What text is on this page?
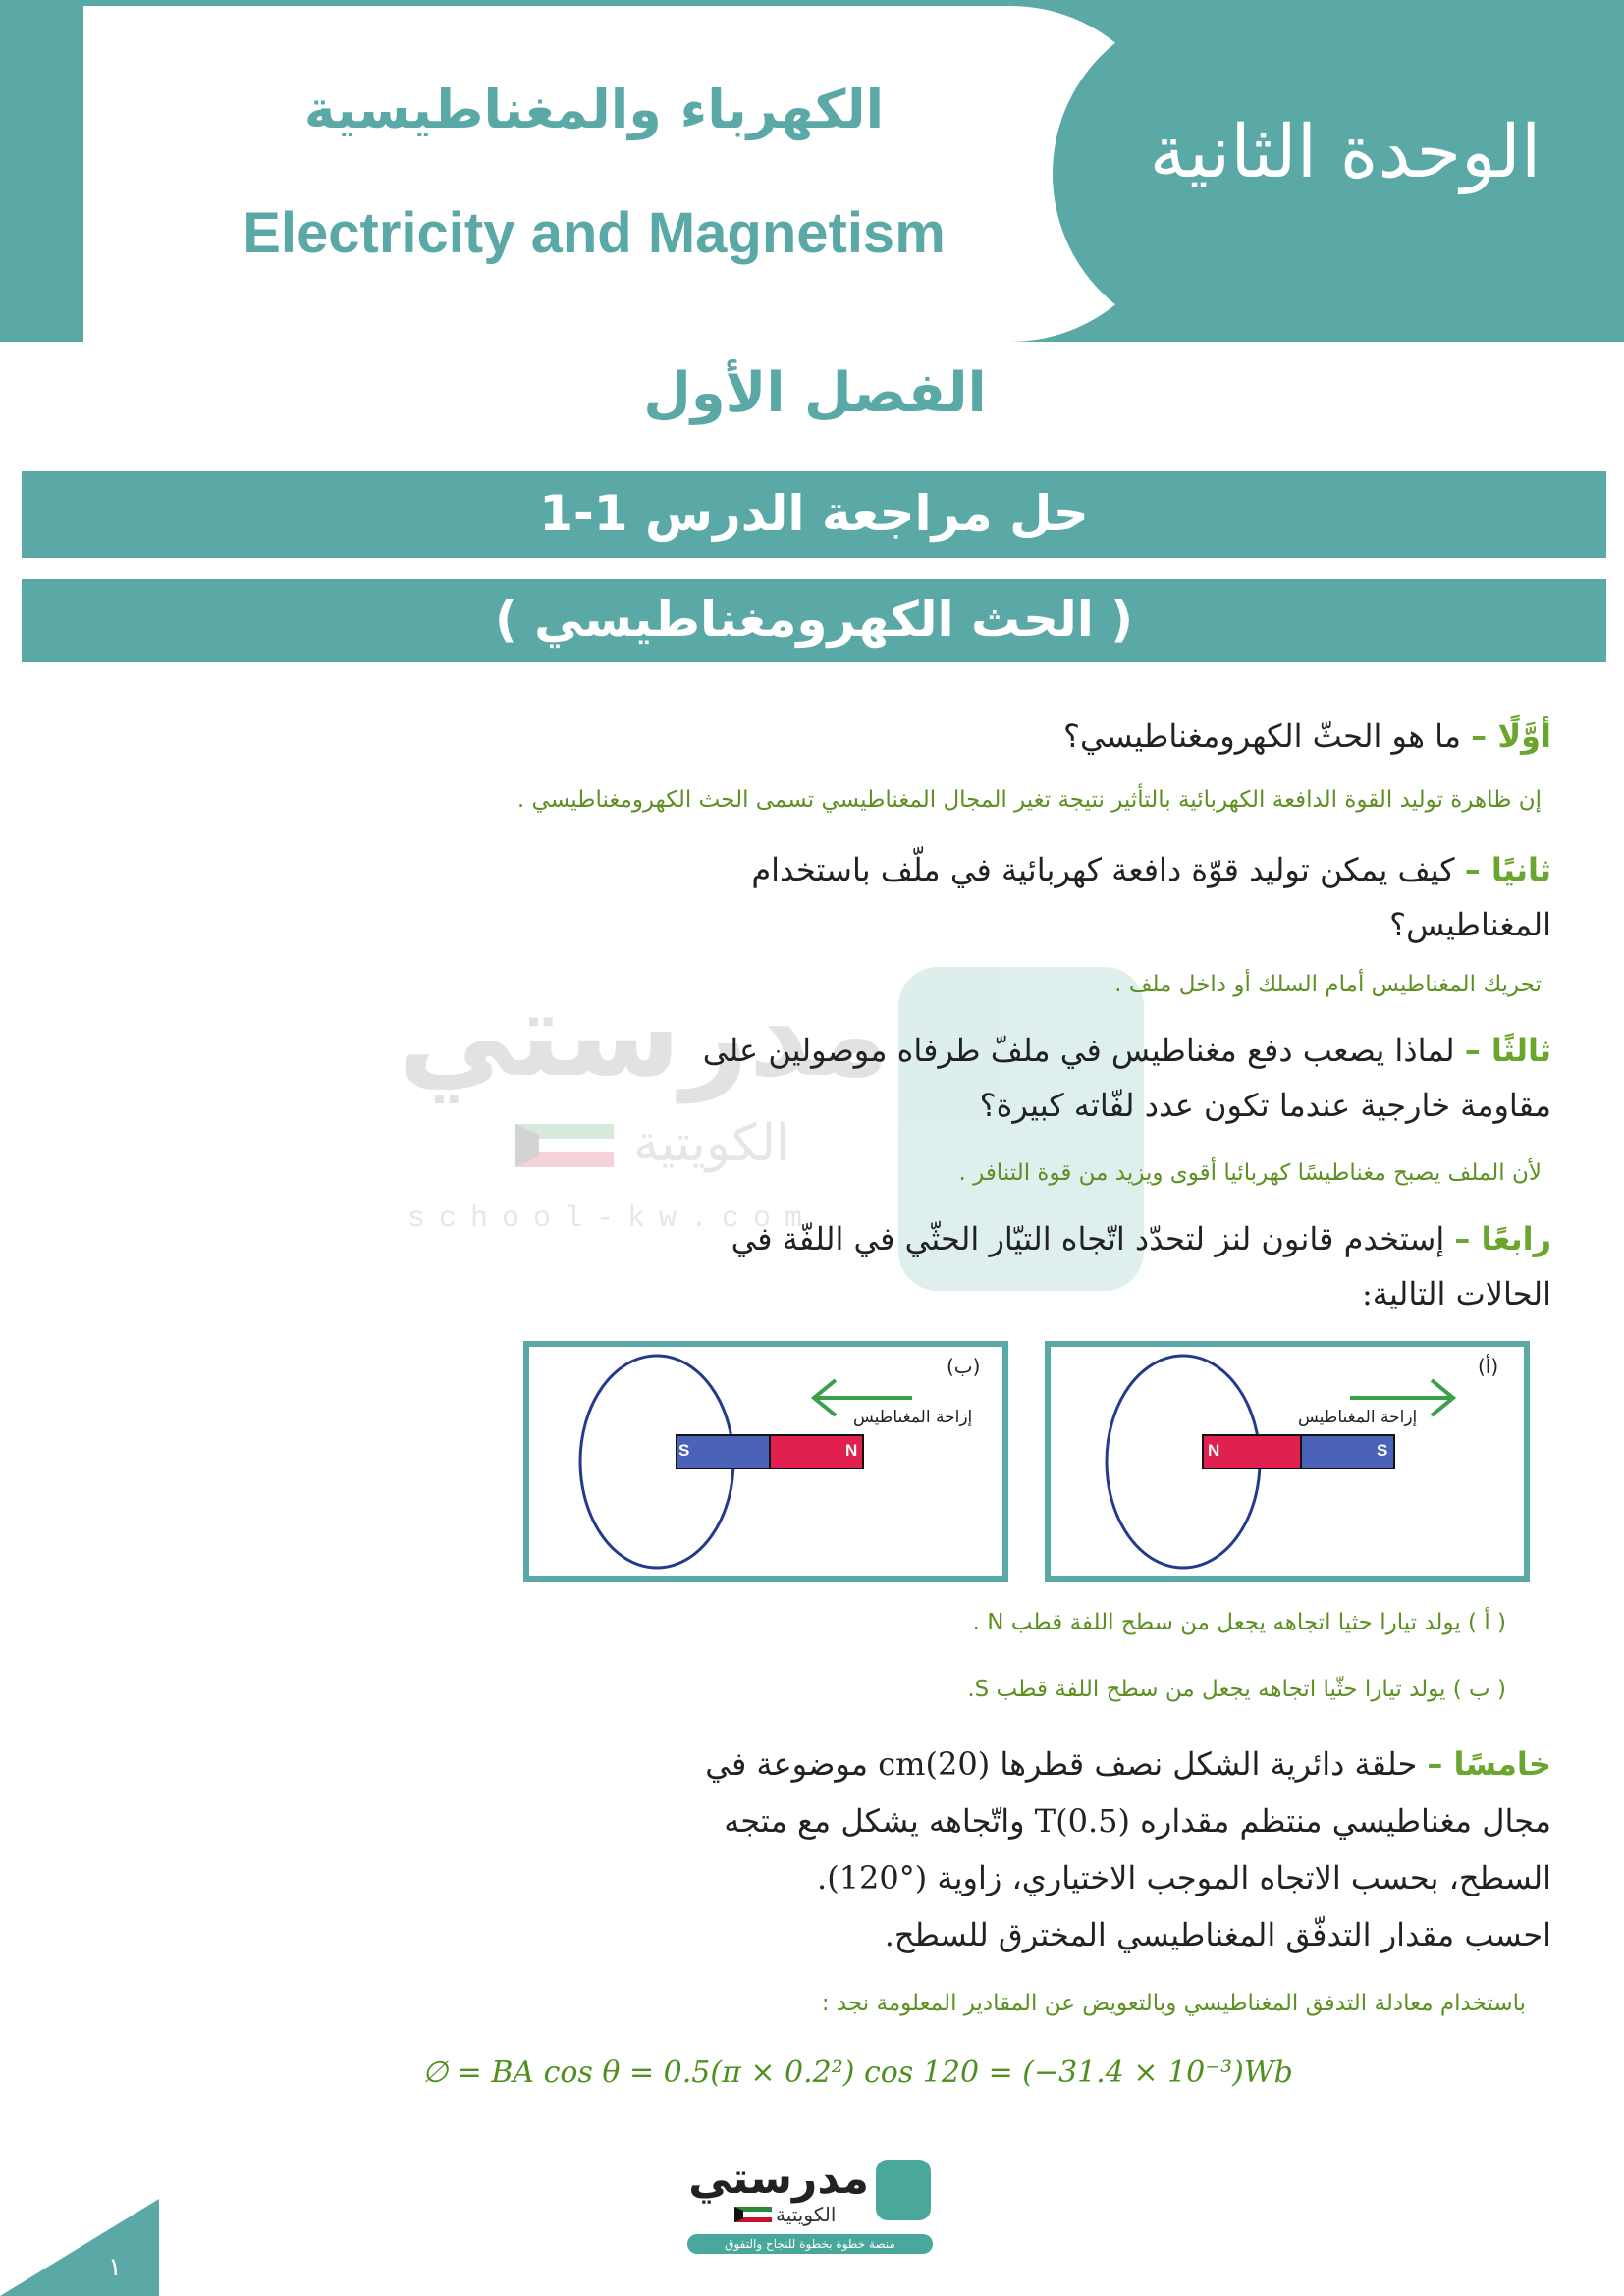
الوحدة الثانية
الكهرباء والمغناطيسية
Electricity and Magnetism
الفصل الأول
حل مراجعة الدرس 1-1
( الحث الكهرومغناطيسي )
مدرستي
الكويتية
school-kw.com
أوَّلًا – ما هو الحثّ الكهرومغناطيسي؟
إن ظاهرة توليد القوة الدافعة الكهربائية بالتأثير نتيجة تغير المجال المغناطيسي تسمى الحث الكهرومغناطيسي .
ثانيًا – كيف يمكن توليد قوّة دافعة كهربائية في ملّف باستخدام
المغناطيس؟
تحريك المغناطيس أمام السلك أو داخل ملف .
ثالثًا – لماذا يصعب دفع مغناطيس في ملفّ طرفاه موصولين على
مقاومة خارجية عندما تكون عدد لفّاته كبيرة؟
لأن الملف يصبح مغناطيسًا كهربائيا أقوى ويزيد من قوة التنافر .
رابعًا – إستخدم قانون لنز لتحدّد اتّجاه التيّار الحثّي في اللفّة في
الحالات التالية:
S	N
إزاحة المغناطيس
(ب)
N	S
إزاحة المغناطيس
(أ)
( أ ) يولد تيارا حثيا اتجاهه يجعل من سطح اللفة قطب N .
( ب ) يولد تيارا حثّيا اتجاهه يجعل من سطح اللفة قطب S.
خامسًا – حلقة دائرية الشكل نصف قطرها (20)cm موضوعة في
مجال مغناطيسي منتظم مقداره (0.5)T واتّجاهه يشكل مع متجه
السطح، بحسب الاتجاه الموجب الاختياري، زاوية (°120).
احسب مقدار التدفّق المغناطيسي المخترق للسطح.
باستخدام معادلة التدفق المغناطيسي وبالتعويض عن المقادير المعلومة نجد :
∅ = BA cos θ = 0.5(π × 0.2²) cos 120 = (−31.4 × 10⁻³)Wb
مدرستي
الكويتية
منصة خطوة بخطوة للنجاح والتفوق
١
